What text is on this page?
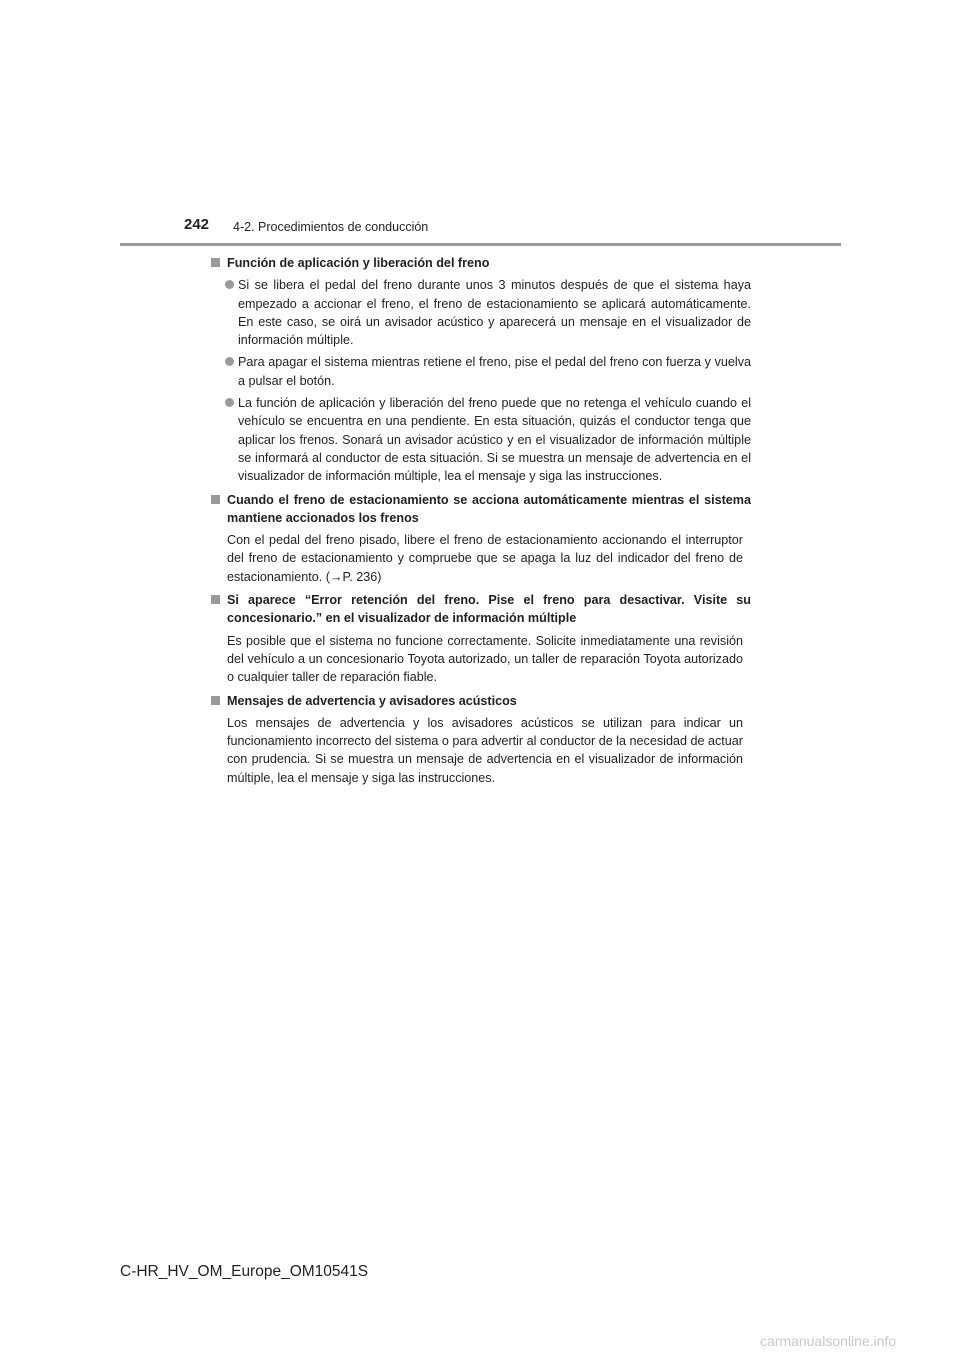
242 4-2. Procedimientos de conducción
Función de aplicación y liberación del freno
Si se libera el pedal del freno durante unos 3 minutos después de que el sistema haya empezado a accionar el freno, el freno de estacionamiento se aplicará automáticamente. En este caso, se oirá un avisador acústico y aparecerá un mensaje en el visualizador de información múltiple.
Para apagar el sistema mientras retiene el freno, pise el pedal del freno con fuerza y vuelva a pulsar el botón.
La función de aplicación y liberación del freno puede que no retenga el vehículo cuando el vehículo se encuentra en una pendiente. En esta situación, quizás el conductor tenga que aplicar los frenos. Sonará un avisador acústico y en el visualizador de información múltiple se informará al conductor de esta situación. Si se muestra un mensaje de advertencia en el visualizador de información múltiple, lea el mensaje y siga las instrucciones.
Cuando el freno de estacionamiento se acciona automáticamente mientras el sistema mantiene accionados los frenos
Con el pedal del freno pisado, libere el freno de estacionamiento accionando el interruptor del freno de estacionamiento y compruebe que se apaga la luz del indicador del freno de estacionamiento. (→P. 236)
Si aparece “Error retención del freno. Pise el freno para desactivar. Visite su concesionario.” en el visualizador de información múltiple
Es posible que el sistema no funcione correctamente. Solicite inmediatamente una revisión del vehículo a un concesionario Toyota autorizado, un taller de reparación Toyota autorizado o cualquier taller de reparación fiable.
Mensajes de advertencia y avisadores acústicos
Los mensajes de advertencia y los avisadores acústicos se utilizan para indicar un funcionamiento incorrecto del sistema o para advertir al conductor de la necesidad de actuar con prudencia. Si se muestra un mensaje de advertencia en el visualizador de información múltiple, lea el mensaje y siga las instrucciones.
C-HR_HV_OM_Europe_OM10541S
carmanualsonline.info
